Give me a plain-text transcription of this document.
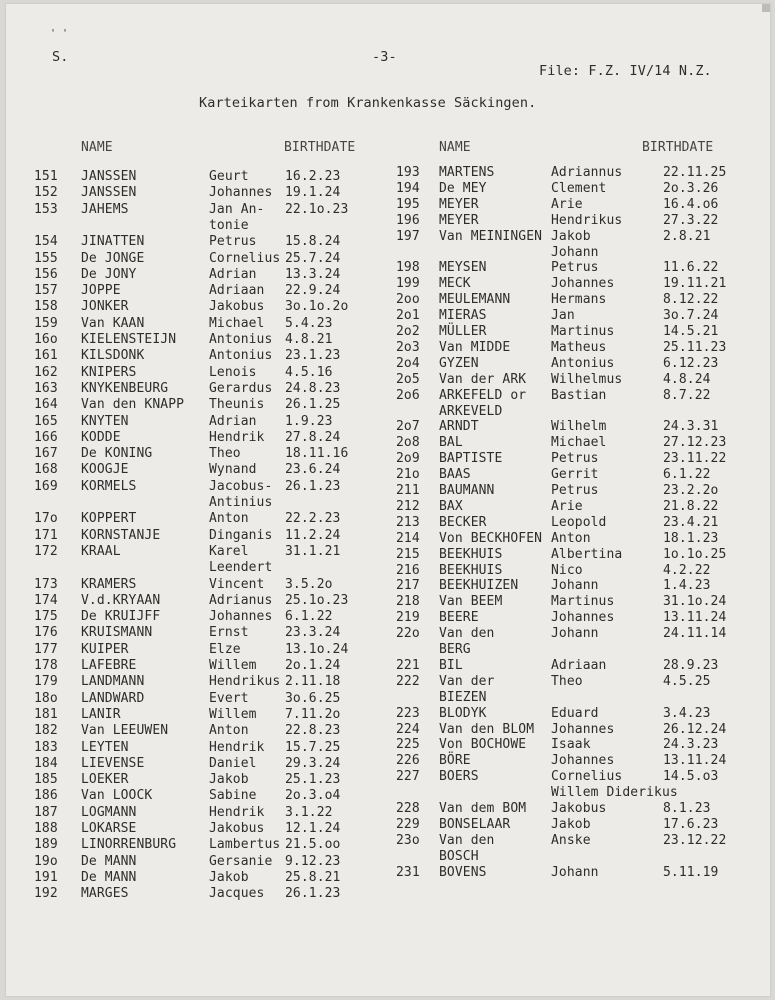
S.
' '
-3-
File: F.Z. IV/14 N.Z.
Karteikarten from Krankenkasse Säckingen.
NAME	BIRTHDATE	NAME	BIRTHDATE
151 JANSSEN	Geurt	16.2.23
152 JANSSEN	Johannes 19.1.24
153 JAHEMS	Jan An- 22.1o.23
tonie
154 JINATTEN	Petrus 15.8.24
155 De JONGE	Cornelius 25.7.24
156 De JONY	Adrian 13.3.24
157 JOPPE	Adriaan 22.9.24
158 JONKER	Jakobus 3o.1o.2o
159 Van KAAN	Michael 5.4.23
16o KIELENSTEIJN	Antonius 4.8.21
161 KILSDONK	Antonius 23.1.23
162 KNIPERS	Lenois 4.5.16
163 KNYKENBEURG	Gerardus 24.8.23
164 Van den KNAPP Theunis 26.1.25
165 KNYTEN	Adrian 1.9.23
166 KODDE	Hendrik 27.8.24
167 De KONING	Theo	18.11.16
168 KOOGJE	Wynand 23.6.24
169 KORMELS	Jacobus- 26.1.23
Antinius
17o KOPPERT	Anton	22.2.23
171 KORNSTANJE	Dinganis 11.2.24
172 KRAAL	Karel	31.1.21
Leendert
173 KRAMERS	Vincent 3.5.2o
174 V.d.KRYAAN	Adrianus 25.1o.23
175 De KRUIJFF	Johannes 6.1.22
176 KRUISMANN	Ernst	23.3.24
177 KUIPER	Elze	13.1o.24
178 LAFEBRE	Willem 2o.1.24
179 LANDMANN	Hendrikus 2.11.18
18o LANDWARD	Evert	3o.6.25
181 LANIR	Willem 7.11.2o
182 Van LEEUWEN	Anton	22.8.23
183 LEYTEN	Hendrik 15.7.25
184 LIEVENSE	Daniel 29.3.24
185 LOEKER	Jakob	25.1.23
186 Van LOOCK	Sabine 2o.3.o4
187 LOGMANN	Hendrik 3.1.22
188 LOKARSE	Jakobus 12.1.24
189 LINORRENBURG	Lambertus 21.5.oo
19o De MANN	Gersanie 9.12.23
191 De MANN	Jakob	25.8.21
192 MARGES	Jacques 26.1.23
193 MARTENS	Adriannus	22.11.25
194 De MEY	Clement	2o.3.26
195 MEYER	Arie	16.4.o6
196 MEYER	Hendrikus	27.3.22
197 Van MEININGEN Jakob	2.8.21
Johann
198 MEYSEN	Petrus	11.6.22
199 MECK	Johannes	19.11.21
2oo MEULEMANN	Hermans	8.12.22
2o1 MIERAS	Jan	3o.7.24
2o2 MÜLLER	Martinus	14.5.21
2o3 Van MIDDE	Matheus	25.11.23
2o4 GYZEN	Antonius	6.12.23
2o5 Van der ARK Wilhelmus	4.8.24
2o6 ARKEFELD or Bastian	8.7.22
ARKEVELD
2o7 ARNDT	Wilhelm	24.3.31
2o8 BAL	Michael	27.12.23
2o9 BAPTISTE	Petrus	23.11.22
21o BAAS	Gerrit	6.1.22
211 BAUMANN	Petrus	23.2.2o
212 BAX	Arie	21.8.22
213 BECKER	Leopold	23.4.21
214 Von BECKHOFEN Anton	18.1.23
215 BEEKHUIS	Albertina	1o.1o.25
216 BEEKHUIS	Nico	4.2.22
217 BEEKHUIZEN	Johann	1.4.23
218 Van BEEM	Martinus	31.1o.24
219 BEERE	Johannes	13.11.24
22o Van den	Johann	24.11.14
BERG
221 BIL	Adriaan	28.9.23
222 Van der	Theo	4.5.25
BIEZEN
223 BLODYK	Eduard	3.4.23
224 Van den BLOM Johannes	26.12.24
225 Von BOCHOWE Isaak	24.3.23
226 BÖRE	Johannes	13.11.24
227 BOERS	Cornelius	14.5.o3
Willem Diderikus
228 Van dem BOM Jakobus	8.1.23
229 BONSELAAR	Jakob	17.6.23
23o Van den	Anske	23.12.22
BOSCH
231 BOVENS	Johann	5.11.19
